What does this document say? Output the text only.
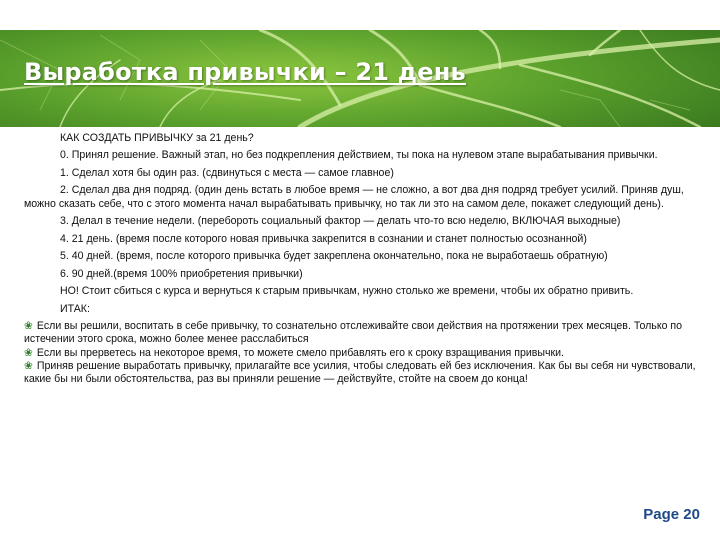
Выработка привычки – 21 день

КАК СОЗДАТЬ ПРИВЫЧКУ за 21 день?

0. Принял решение. Важный этап, но без подкрепления действием, ты пока на нулевом этапе вырабатывания привычки.

1. Сделал хотя бы один раз. (сдвинуться с места — самое главное)

2. Сделал два дня подряд. (один день встать в любое время — не сложно, а вот два дня подряд требует усилий. Приняв душ, можно сказать себе, что с этого момента начал вырабатывать привычку, но так ли это на самом деле, покажет следующий день).

3. Делал в течение недели. (перебороть социальный фактор — делать что-то всю неделю, ВКЛЮЧАЯ выходные)

4. 21 день. (время после которого новая привычка закрепится в сознании и станет полностью осознанной)

5. 40 дней. (время, после которого привычка будет закреплена окончательно, пока не выработаешь обратную)

6. 90 дней.(время 100% приобретения привычки)

НО! Стоит сбиться с курса и вернуться к старым привычкам, нужно столько же времени, чтобы их обратно привить.

ИТАК:

❀ Если вы решили, воспитать в себе привычку, то сознательно отслеживайте свои действия на протяжении трех месяцев. Только по истечении этого срока, можно более менее расслабиться

❀ Если вы прерветесь на некоторое время, то можете смело прибавлять его к сроку взращивания привычки.

❀ Приняв решение выработать привычку, прилагайте все усилия, чтобы следовать ей без исключения. Как бы вы себя ни чувствовали, какие бы ни были обстоятельства, раз вы приняли решение — действуйте, стойте на своем до конца!

Page 20
